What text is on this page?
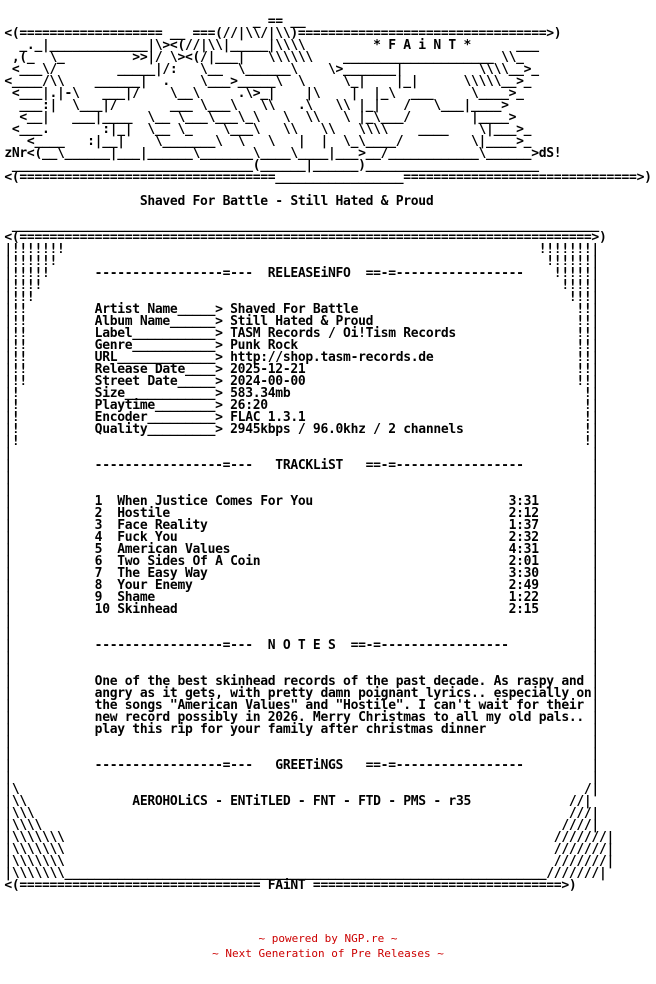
_ == __
<(=================== __ ===(//|\\/|\\)=================================>)
_._|_____________|\><(//|\\|_____|\\\\         * F A i N T *      ___
,(_  \_         >>|/ \><(/|___|   \\\\\\    ____________________ \\_
<___\/        _____|/:   \__  \______\    \>_______|          \\\\__>_
<____/\\    ______|  .    \___>_____\  \     \_|    |_|      \\\\\__>_
<___|.|-\   ___|/    \__\     .\>_|    |\    |  |_\  ___     \____>_
___:|  \___|/       ___ \___\   \\   .\   \\ |_|   /   \___|____>
<__|   ___|____  \__ \___\___\_\   \  \\   \ |_\___/        |____>
<___.       :|_|  \__ \_    \___\   \\   \\   \\\\    ____    \|___>_
<____   :|__|    \_______\  \   \   |  |  \_\____/         \|____>_
zNr<(__\______|___|______\_______\____\____|___>__/____________\______>dS!
________________________________(______|______)_______________________
<(==================================_________________===============================>)

Shaved For Battle - Still Hated & Proud

______________________________________________________________________________
<(============================================================================>)
|!!!!!!!                                                               !!!!!!!|
|!!!!!!                                                                 !!!!!!|
|!!!!!      -----------------=---  RELEASEiNFO  ==-=-----------------    !!!!!|
|!!!!                                                                     !!!!|
|!!!                                                                       !!!|
|!!         Artist Name_____> Shaved For Battle                             !!|
|!!         Album Name______> Still Hated & Proud                           !!|
|!!         Label___________> TASM Records / Oi!Tism Records                !!|
|!!         Genre___________> Punk Rock                                     !!|
|!!         URL_____________> http://shop.tasm-records.de                   !!|
|!!         Release Date____> 2025-12-21                                    !!|
|!!         Street Date_____> 2024-00-00                                    !!|
|!          Size____________> 583.34mb                                       !|
|!          Playtime________> 26:20                                          !|
|!          Encoder_________> FLAC 1.3.1                                     !|
|!          Quality_________> 2945kbps / 96.0khz / 2 channels                !|
|!                                                                           !|
|                                                                             |
|           -----------------=---   TRACKLiST   ==-=-----------------         |
|                                                                             |
|                                                                             |
|           1  When Justice Comes For You                          3:31       |
|           2  Hostile                                             2:12       |
|           3  Face Reality                                        1:37       |
|           4  Fuck You                                            2:32       |
|           5  American Values                                     4:31       |
|           6  Two Sides Of A Coin                                 2:01       |
|           7  The Easy Way                                        3:30       |
|           8  Your Enemy                                          2:49       |
|           9  Shame                                               1:22       |
|           10 Skinhead                                            2:15       |
|                                                                             |
|                                                                             |
|           -----------------=---  N O T E S  ==-=-----------------           |
|                                                                             |
|                                                                             |
|           One of the best skinhead records of the past decade. As raspy and |
|           angry as it gets, with pretty damn poignant lyrics.. especially on|
|           the songs "American Values" and "Hostile". I can't wait for their |
|           new record possibly in 2026. Merry Christmas to all my old pals.. |
|           play this rip for your family after christmas dinner              |
|                                                                             |
|                                                                             |
|           -----------------=---   GREETiNGS   ==-=-----------------         |
|                                                                             |
|\                                                                           /|
|\\              AEROHOLiCS - ENTiTLED - FNT - FTD - PMS - r35             //|
|\\\                                                                       ///|
|\\\\                                                                     ////|
|\\\\\\\                                                                 ///////|
|\\\\\\\                                                                 ///////|
|\\\\\\\                                                                 ///////|
|\\\\\\\________________________________________________________________///////|
<(================================ FAiNT =================================>)
~ powered by NGP.re ~
~ Next Generation of Pre Releases ~
